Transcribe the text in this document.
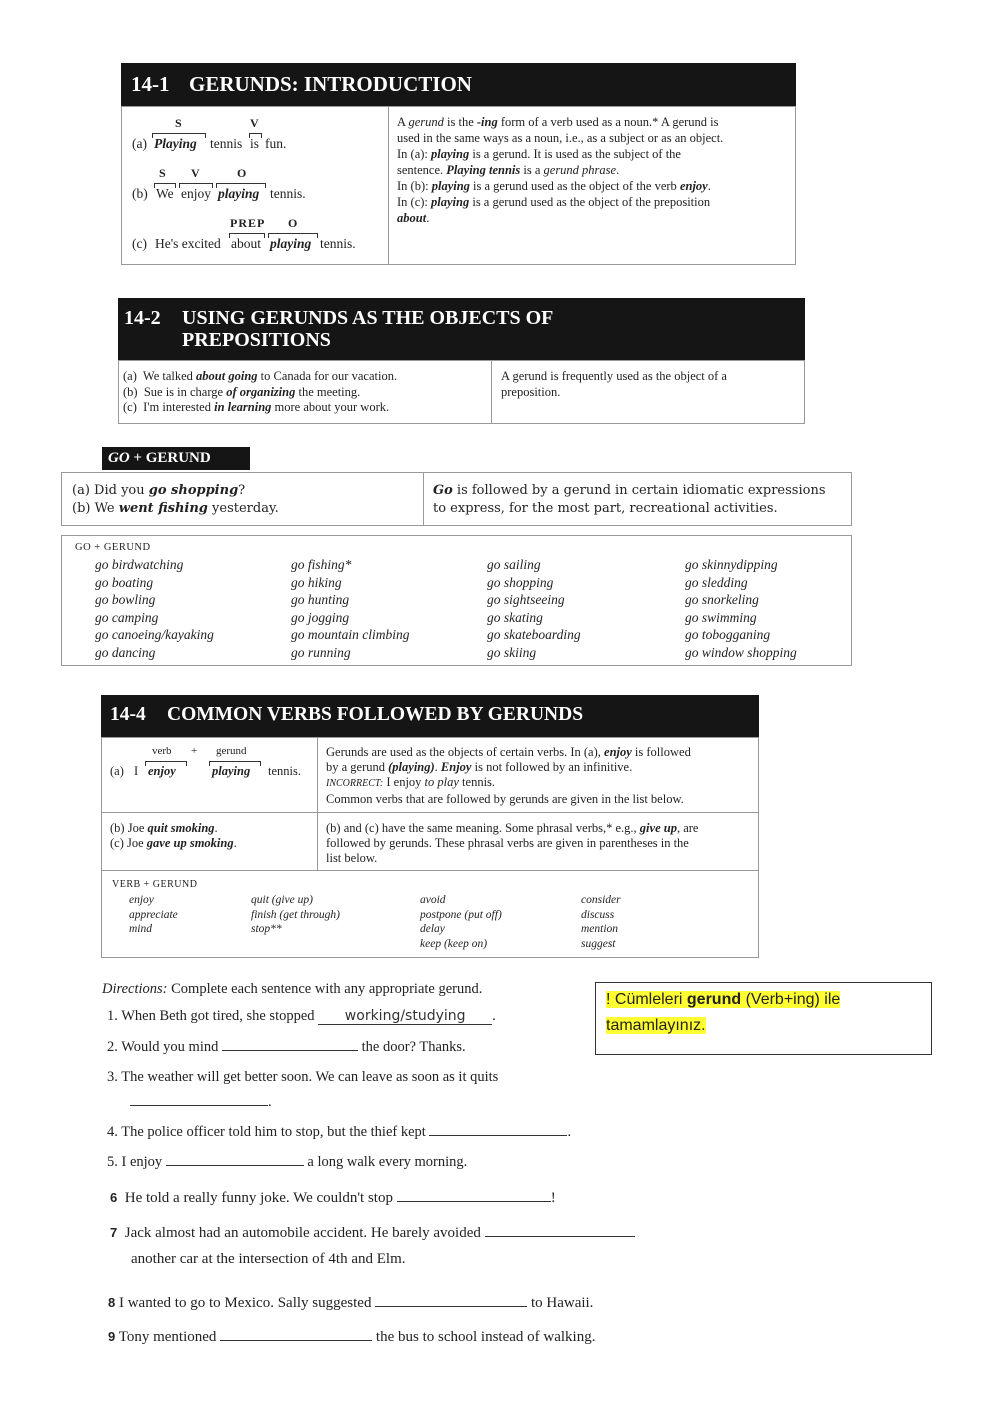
14-1 GERUNDS: INTRODUCTION
S	V
(a) Playing tennis is fun.
S V	O
(b) We enjoy playing tennis.
PREP O
(c) He's excited about playing tennis.
A gerund is the -ing form of a verb used as a noun.* A gerund is
used in the same ways as a noun, i.e., as a subject or as an object.
In (a): playing is a gerund. It is used as the subject of the
sentence. Playing tennis is a gerund phrase.
In (b): playing is a gerund used as the object of the verb enjoy.
In (c): playing is a gerund used as the object of the preposition
about.
14-2 USING GERUNDS AS THE OBJECTS OF
PREPOSITIONS
(a) We talked about going to Canada for our vacation.
(b) Sue is in charge of organizing the meeting.
(c) I'm interested in learning more about your work.
A gerund is frequently used as the object of a
preposition.
GO + GERUND
(a) Did you go shopping?
(b) We went fishing yesterday.
Go is followed by a gerund in certain idiomatic expressions
to express, for the most part, recreational activities.
GO + GERUND
go birdwatching
go boating
go bowling
go camping
go canoeing/kayaking
go dancing
go fishing*
go hiking
go hunting
go jogging
go mountain climbing
go running
go sailing
go shopping
go sightseeing
go skating
go skateboarding
go skiing
go skinnydipping
go sledding
go snorkeling
go swimming
go tobogganing
go window shopping
14-4 COMMON VERBS FOLLOWED BY GERUNDS
verb + gerund
(a) I enjoy	playing tennis.
Gerunds are used as the objects of certain verbs. In (a), enjoy is followed
by a gerund (playing). Enjoy is not followed by an infinitive.
INCORRECT: I enjoy to play tennis.
Common verbs that are followed by gerunds are given in the list below.
(b) Joe quit smoking.
(c) Joe gave up smoking.
(b) and (c) have the same meaning. Some phrasal verbs,* e.g., give up, are
followed by gerunds. These phrasal verbs are given in parentheses in the
list below.
VERB + GERUND
enjoy
appreciate
mind
quit (give up)
finish (get through)
stop**
avoid
postpone (put off)
delay
keep (keep on)
consider
discuss
mention
suggest
Directions: Complete each sentence with any appropriate gerund.
1. When Beth got tired, she stopped working/studying .
2. Would you mind	the door? Thanks.
3. The weather will get better soon. We can leave as soon as it quits
.
4. The police officer told him to stop, but the thief kept	.
5. I enjoy	a long walk every morning.
6 He told a really funny joke. We couldn't stop	!
7 Jack almost had an automobile accident. He barely avoided
another car at the intersection of 4th and Elm.
8 I wanted to go to Mexico. Sally suggested	to Hawaii.
9 Tony mentioned	the bus to school instead of walking.
! Cümleleri gerund (Verb+ing) ile
tamamlayınız.
